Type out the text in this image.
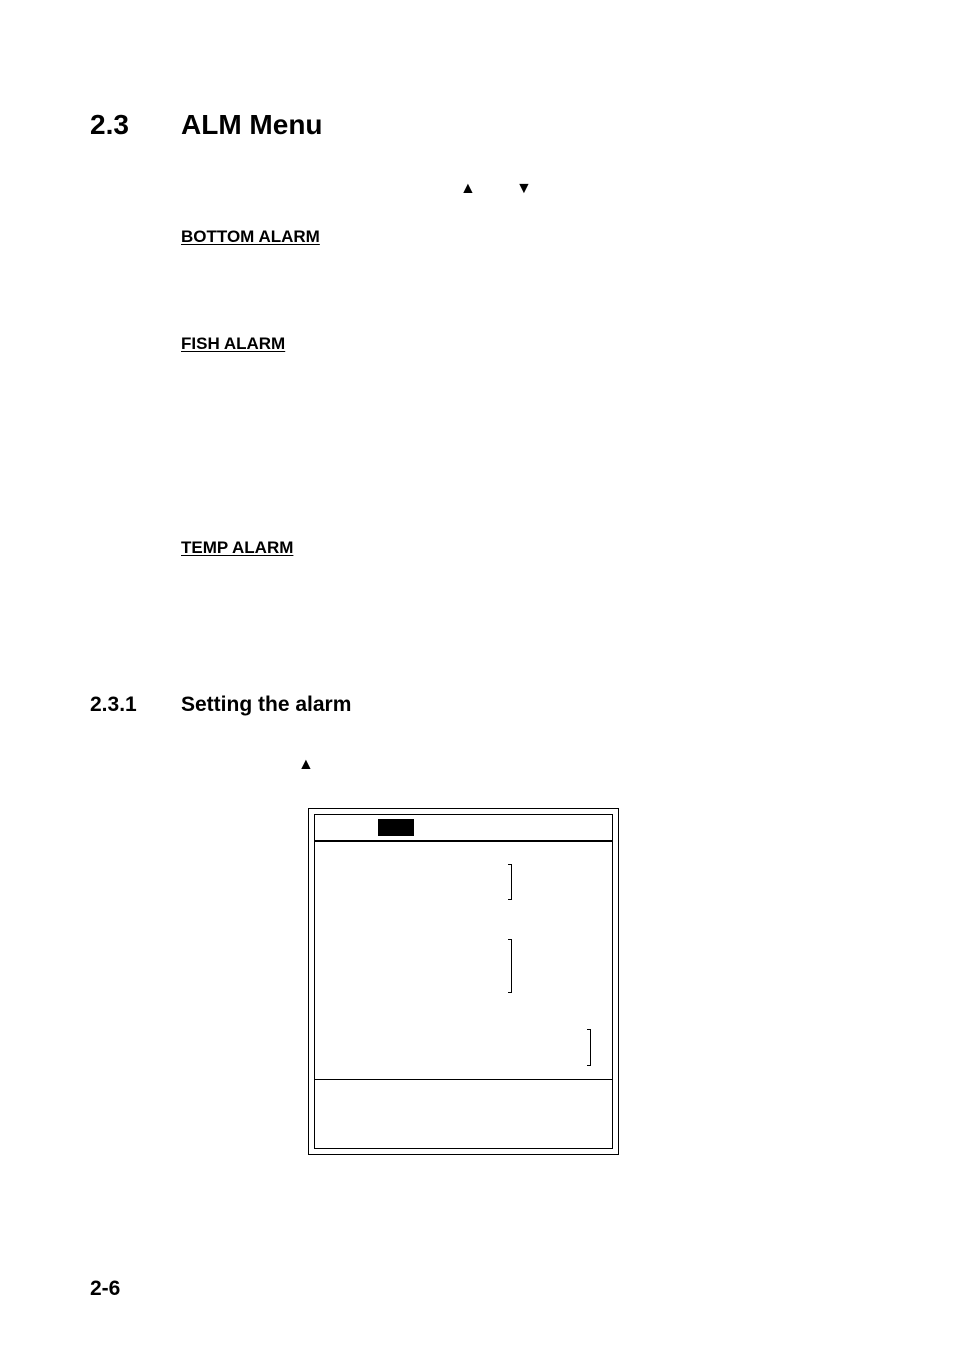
2.3 ALM Menu
▲	▼
BOTTOM ALARM
FISH ALARM
TEMP ALARM
2.3.1 Setting the alarm
▲
2-6
